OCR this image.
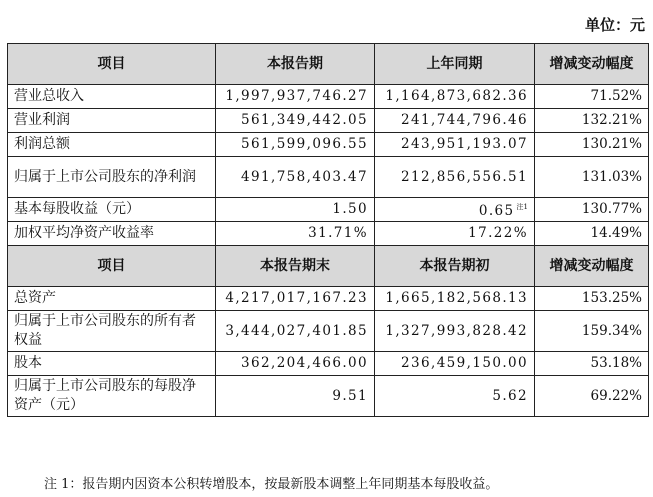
单位：元
项目	本报告期	上年同期	增减变动幅度
营业总收入	1,997,937,746.27	1,164,873,682.36	71.52%
营业利润	561,349,442.05	241,744,796.46	132.21%
利润总额	561,599,096.55	243,951,193.07	130.21%
归属于上市公司股东的净利润	491,758,403.47	212,856,556.51	131.03%
基本每股收益（元）	1.50	0.65 $^{注1}$	130.77%
加权平均净资产收益率	31.71%	17.22%	14.49%
项目	本报告期末	本报告期初	增减变动幅度
总资产	4,217,017,167.23	1,665,182,568.13	153.25%
归属于上市公司股东的所有者权益	3,444,027,401.85	1,327,993,828.42	159.34%
股本	362,204,466.00	236,459,150.00	53.18%
归属于上市公司股东的每股净资产（元）	9.51	5.62	69.22%
注 1：报告期内因资本公积转增股本，按最新股本调整上年同期基本每股收益。
